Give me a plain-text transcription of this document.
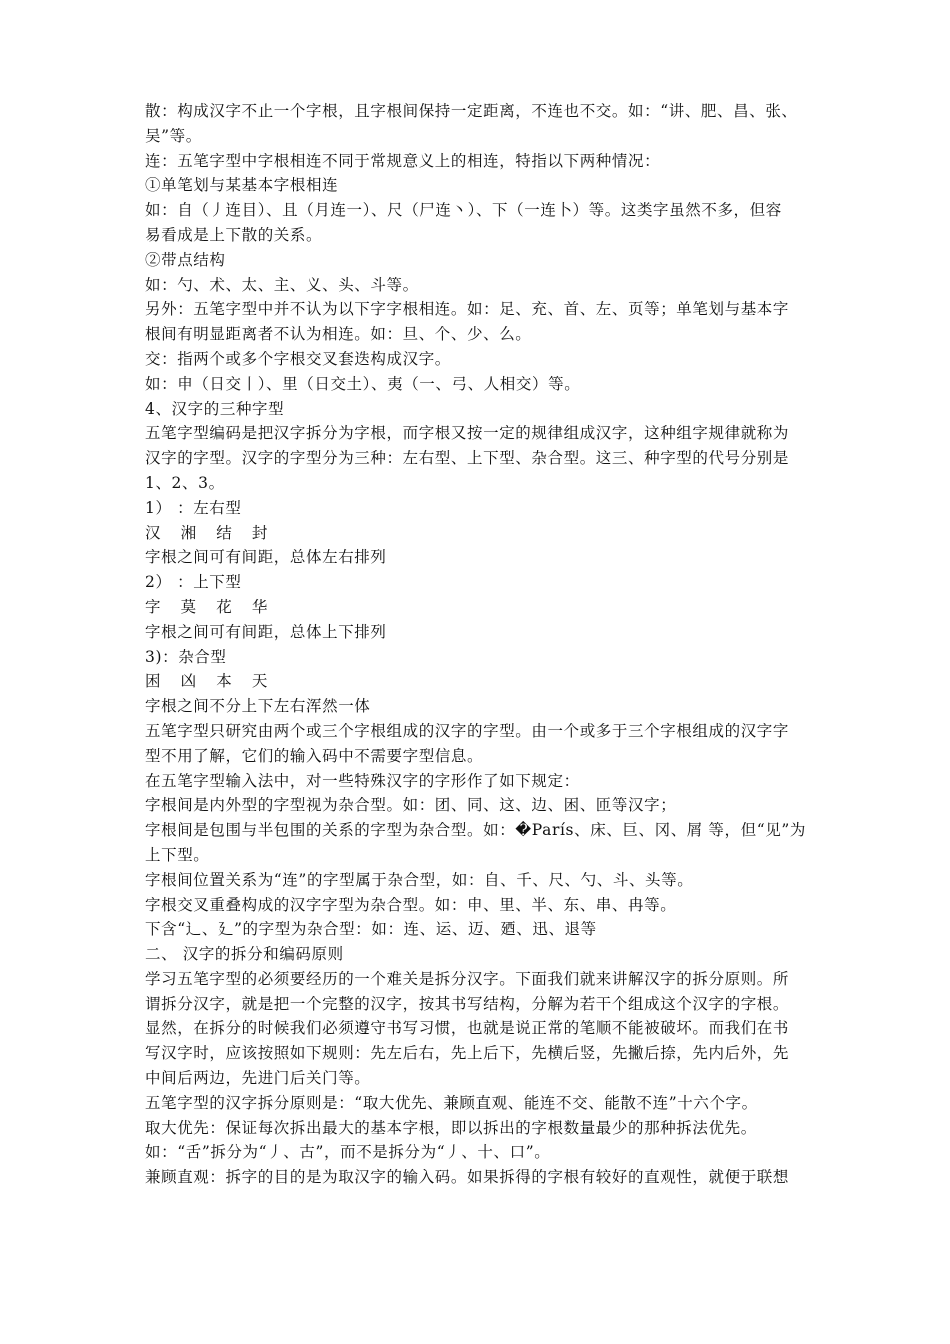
散：构成汉字不止一个字根，且字根间保持一定距离，不连也不交。如：“讲、肥、昌、张、
吴”等。
连：五笔字型中字根相连不同于常规意义上的相连，特指以下两种情况：
①单笔划与某基本字根相连
如：自（丿连目）、且（月连一）、尺（尸连丶）、下（一连卜）等。这类字虽然不多，但容
易看成是上下散的关系。
②带点结构
如：勺、术、太、主、义、头、斗等。
另外：五笔字型中并不认为以下字字根相连。如：足、充、首、左、页等；单笔划与基本字
根间有明显距离者不认为相连。如：旦、个、少、么。
交：指两个或多个字根交叉套迭构成汉字。
如：申（日交丨）、里（日交土）、夷（一、弓、人相交）等。
4、汉字的三种字型
五笔字型编码是把汉字拆分为字根，而字根又按一定的规律组成汉字，这种组字规律就称为
汉字的字型。汉字的字型分为三种：左右型、上下型、杂合型。这三、种字型的代号分别是
1、2、3。
1） ：左右型
汉 湘 结 封
字根之间可有间距，总体左右排列
2） ：上下型
字 莫 花 华
字根之间可有间距，总体上下排列
3)：杂合型
困 凶 本 天
字根之间不分上下左右浑然一体
五笔字型只研究由两个或三个字根组成的汉字的字型。由一个或多于三个字根组成的汉字字
型不用了解，它们的输入码中不需要字型信息。
在五笔字型输入法中，对一些特殊汉字的字形作了如下规定：
字根间是内外型的字型视为杂合型。如：团、同、这、边、困、匝等汉字；
字根间是包围与半包围的关系的字型为杂合型。如：�París、床、巨、冈、屑 等，但“见”为
上下型。
字根间位置关系为“连”的字型属于杂合型，如：自、千、尺、勺、斗、头等。
字根交叉重叠构成的汉字字型为杂合型。如：申、里、半、东、串、冉等。
下含“辶、廴”的字型为杂合型：如：连、运、迈、廼、迅、退等
二、 汉字的拆分和编码原则
学习五笔字型的必须要经历的一个难关是拆分汉字。下面我们就来讲解汉字的拆分原则。所
谓拆分汉字，就是把一个完整的汉字，按其书写结构，分解为若干个组成这个汉字的字根。
显然，在拆分的时候我们必须遵守书写习惯，也就是说正常的笔顺不能被破坏。而我们在书
写汉字时，应该按照如下规则：先左后右，先上后下，先横后竖，先撇后捺，先内后外，先
中间后两边，先进门后关门等。
五笔字型的汉字拆分原则是：“取大优先、兼顾直观、能连不交、能散不连”十六个字。
取大优先：保证每次拆出最大的基本字根，即以拆出的字根数量最少的那种拆法优先。
如：“舌”拆分为“丿、古”，而不是拆分为“丿、十、口”。
兼顾直观：拆字的目的是为取汉字的输入码。如果拆得的字根有较好的直观性，就便于联想
